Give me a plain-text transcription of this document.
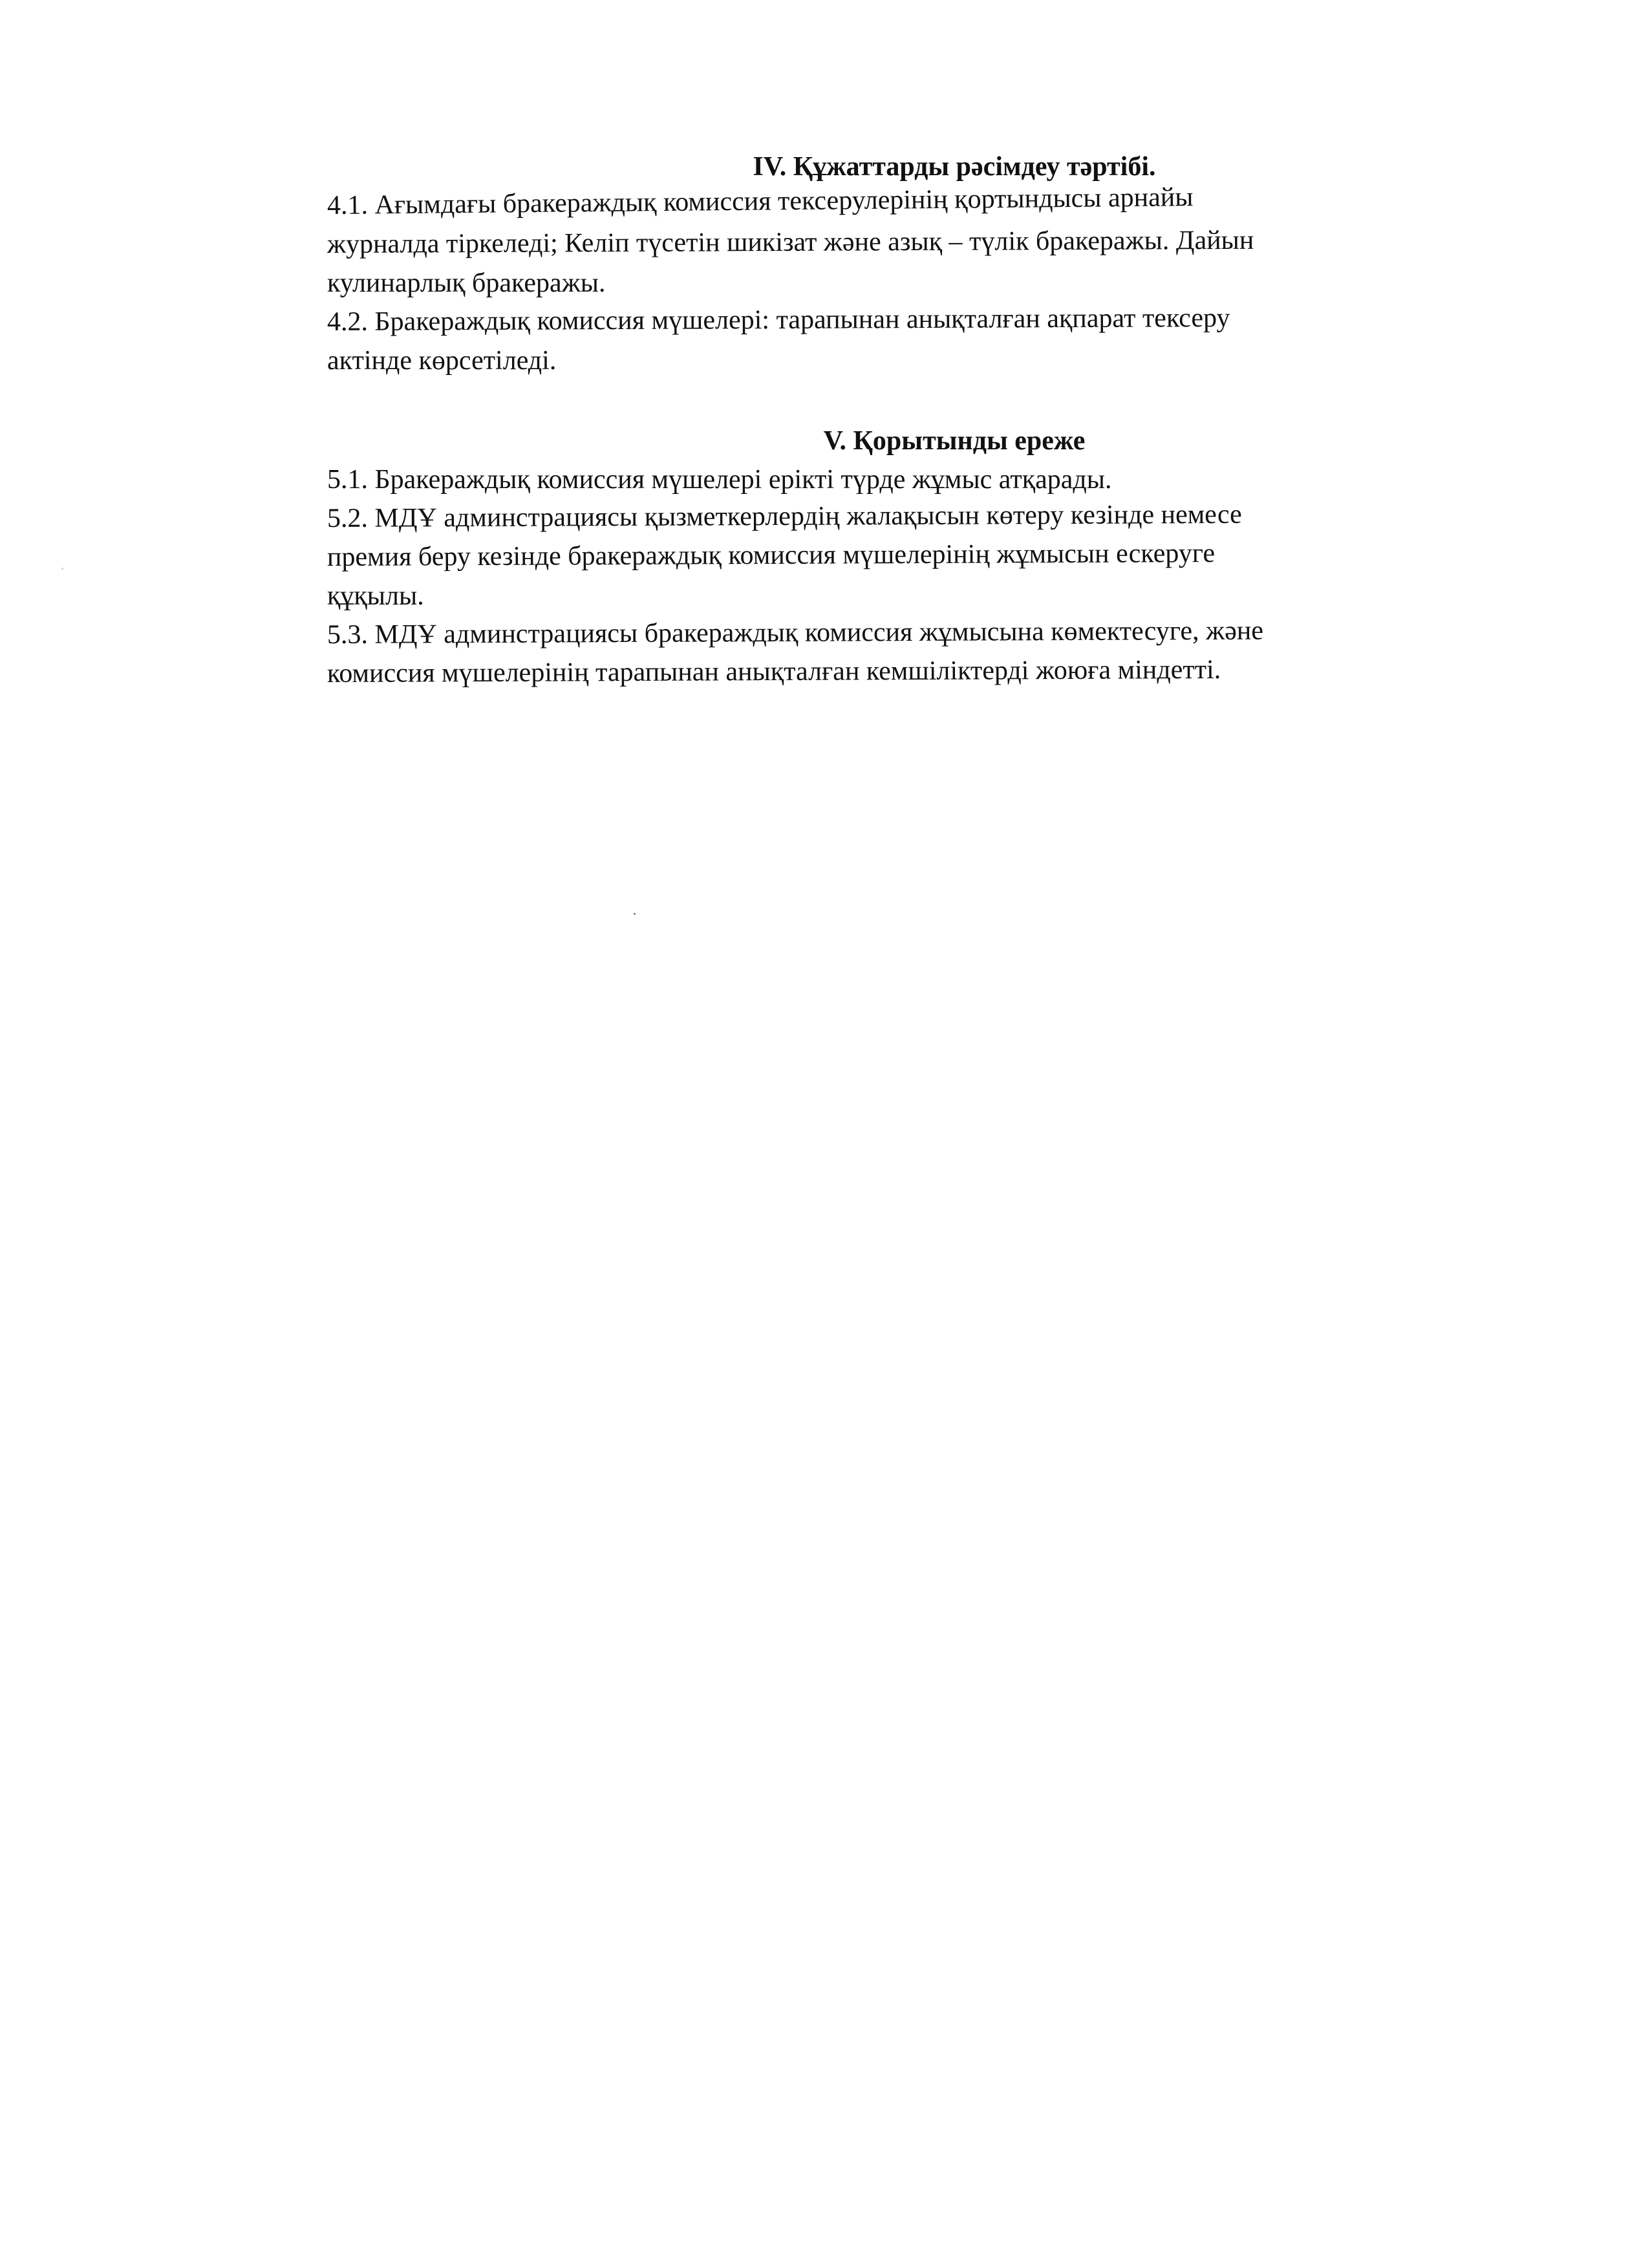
IV. Құжаттарды рәсімдеу тәртібі.

4.1. Ағымдағы бракераждық комиссия тексерулерінің қортындысы арнайы
журналда тіркеледі; Келіп түсетін шикізат және азық – түлік бракеражы. Дайын
кулинарлық бракеражы.

4.2. Бракераждық комиссия мүшелері: тарапынан анықталған ақпарат тексеру
актінде көрсетіледі.

V. Қорытынды ереже

5.1. Бракераждық комиссия мүшелері ерікті түрде жұмыс атқарады.

5.2. МДҰ админстрациясы қызметкерлердің жалақысын көтеру кезінде немесе
премия беру кезінде бракераждық комиссия мүшелерінің жұмысын ескеруге
құқылы.

5.3. МДҰ админстрациясы бракераждық комиссия жұмысына көмектесуге, және
комиссия мүшелерінің тарапынан анықталған кемшіліктерді жоюға міндетті.
